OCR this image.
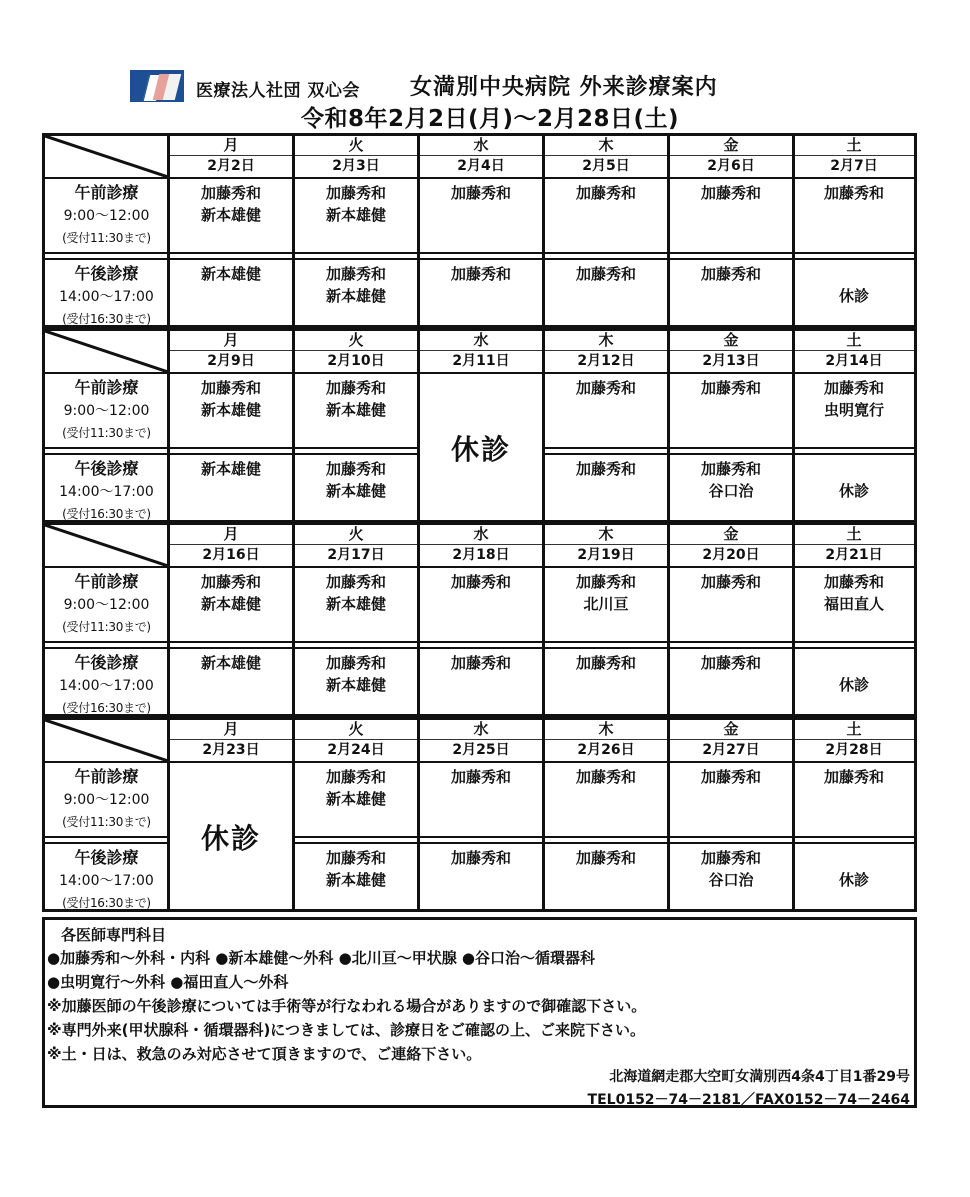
医療法人社団 双心会 女満別中央病院 外来診療案内
令和8年2月2日(月)～2月28日(土)
午前診療
9:00～12:00
(受付11:30まで)
午後診療
14:00～17:00
(受付16:30まで)
月
2月2日
加藤秀和
新本雄健
新本雄健
火
2月3日
加藤秀和
新本雄健
加藤秀和
新本雄健
水
2月4日
加藤秀和
加藤秀和
木
2月5日
加藤秀和
加藤秀和
金
2月6日
加藤秀和
加藤秀和
土
2月7日
加藤秀和
休診
午前診療
9:00～12:00
(受付11:30まで)
午後診療
14:00～17:00
(受付16:30まで)
月
2月9日
加藤秀和
新本雄健
新本雄健
火
2月10日
加藤秀和
新本雄健
加藤秀和
新本雄健
水
2月11日
休診
木
2月12日
加藤秀和
加藤秀和
金
2月13日
加藤秀和
加藤秀和
谷口治
土
2月14日
加藤秀和
虫明寛行
休診
午前診療
9:00～12:00
(受付11:30まで)
午後診療
14:00～17:00
(受付16:30まで)
月
2月16日
加藤秀和
新本雄健
新本雄健
火
2月17日
加藤秀和
新本雄健
加藤秀和
新本雄健
水
2月18日
加藤秀和
加藤秀和
木
2月19日
加藤秀和
北川亘
加藤秀和
金
2月20日
加藤秀和
加藤秀和
土
2月21日
加藤秀和
福田直人
休診
午前診療
9:00～12:00
(受付11:30まで)
午後診療
14:00～17:00
(受付16:30まで)
月
2月23日
休診
火
2月24日
加藤秀和
新本雄健
加藤秀和
新本雄健
水
2月25日
加藤秀和
加藤秀和
木
2月26日
加藤秀和
加藤秀和
金
2月27日
加藤秀和
加藤秀和
谷口治
土
2月28日
加藤秀和
休診
各医師専門科目
●加藤秀和～外科・内科 ●新本雄健～外科 ●北川亘～甲状腺 ●谷口治～循環器科
●虫明寛行～外科 ●福田直人～外科
※加藤医師の午後診療については手術等が行なわれる場合がありますので御確認下さい。
※専門外来(甲状腺科・循環器科)につきましては、診療日をご確認の上、ご来院下さい。
※土・日は、救急のみ対応させて頂きますので、ご連絡下さい。
北海道網走郡大空町女満別西4条4丁目1番29号
TEL0152－74－2181／FAX0152－74－2464
